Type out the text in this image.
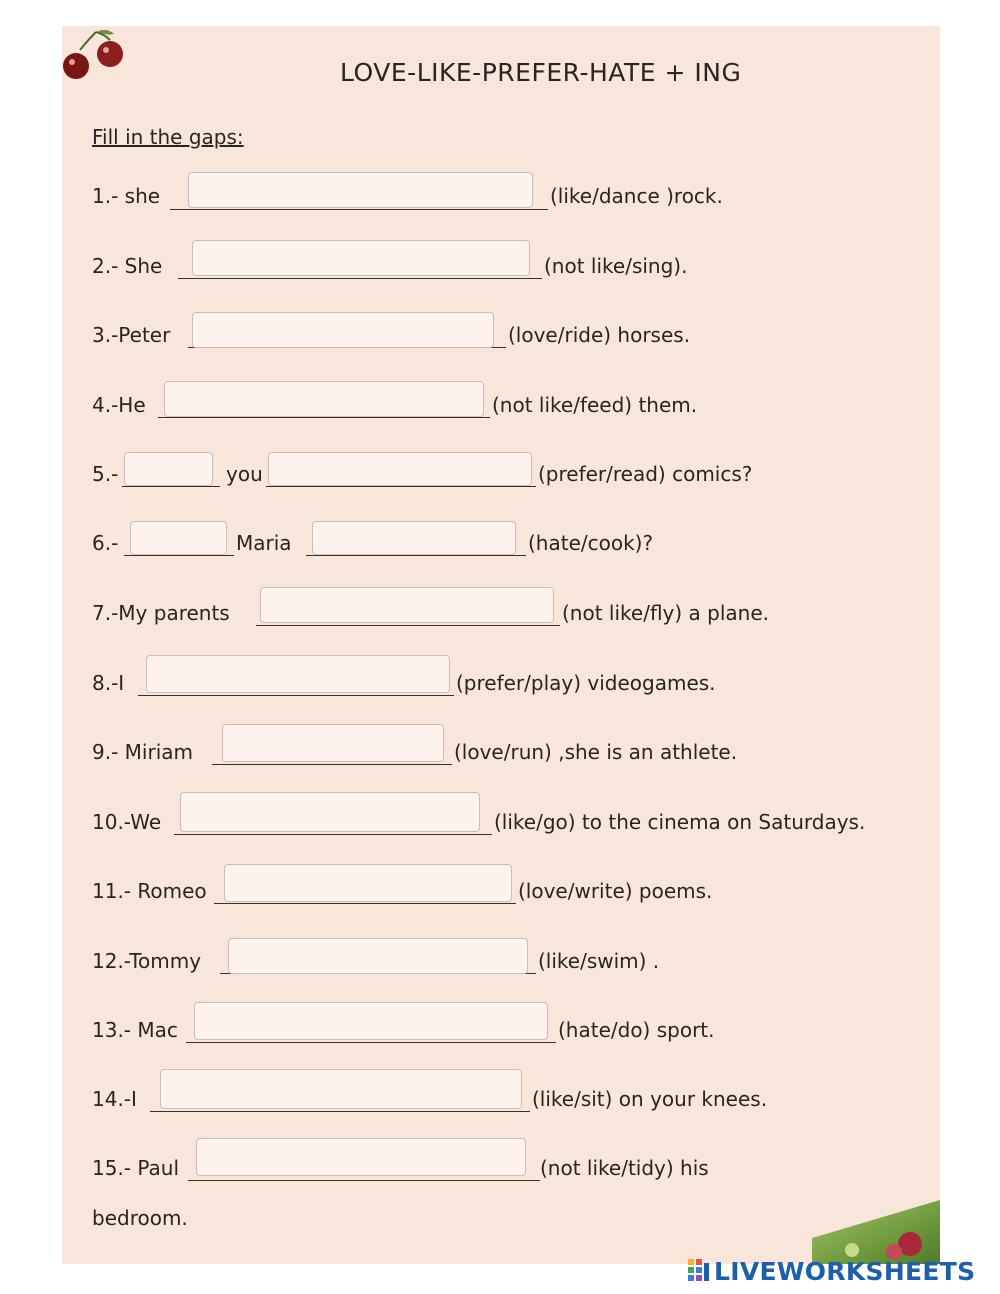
LOVE-LIKE-PREFER-HATE + ING
Fill in the gaps:
1.- she	(like/dance )rock.
2.- She	(not like/sing).
3.-Peter	(love/ride) horses.
4.-He	(not like/feed) them.
5.-	you	(prefer/read) comics?
6.-	Maria	(hate/cook)?
7.-My parents	(not like/fly) a plane.
8.-I	(prefer/play) videogames.
9.- Miriam	(love/run) ,she is an athlete.
10.-We	(like/go) to the cinema on Saturdays.
11.- Romeo	(love/write) poems.
12.-Tommy	(like/swim) .
13.- Mac	(hate/do) sport.
14.-I	(like/sit) on your knees.
15.- Paul	(not like/tidy) his
bedroom.
LIVEWORKSHEETS
